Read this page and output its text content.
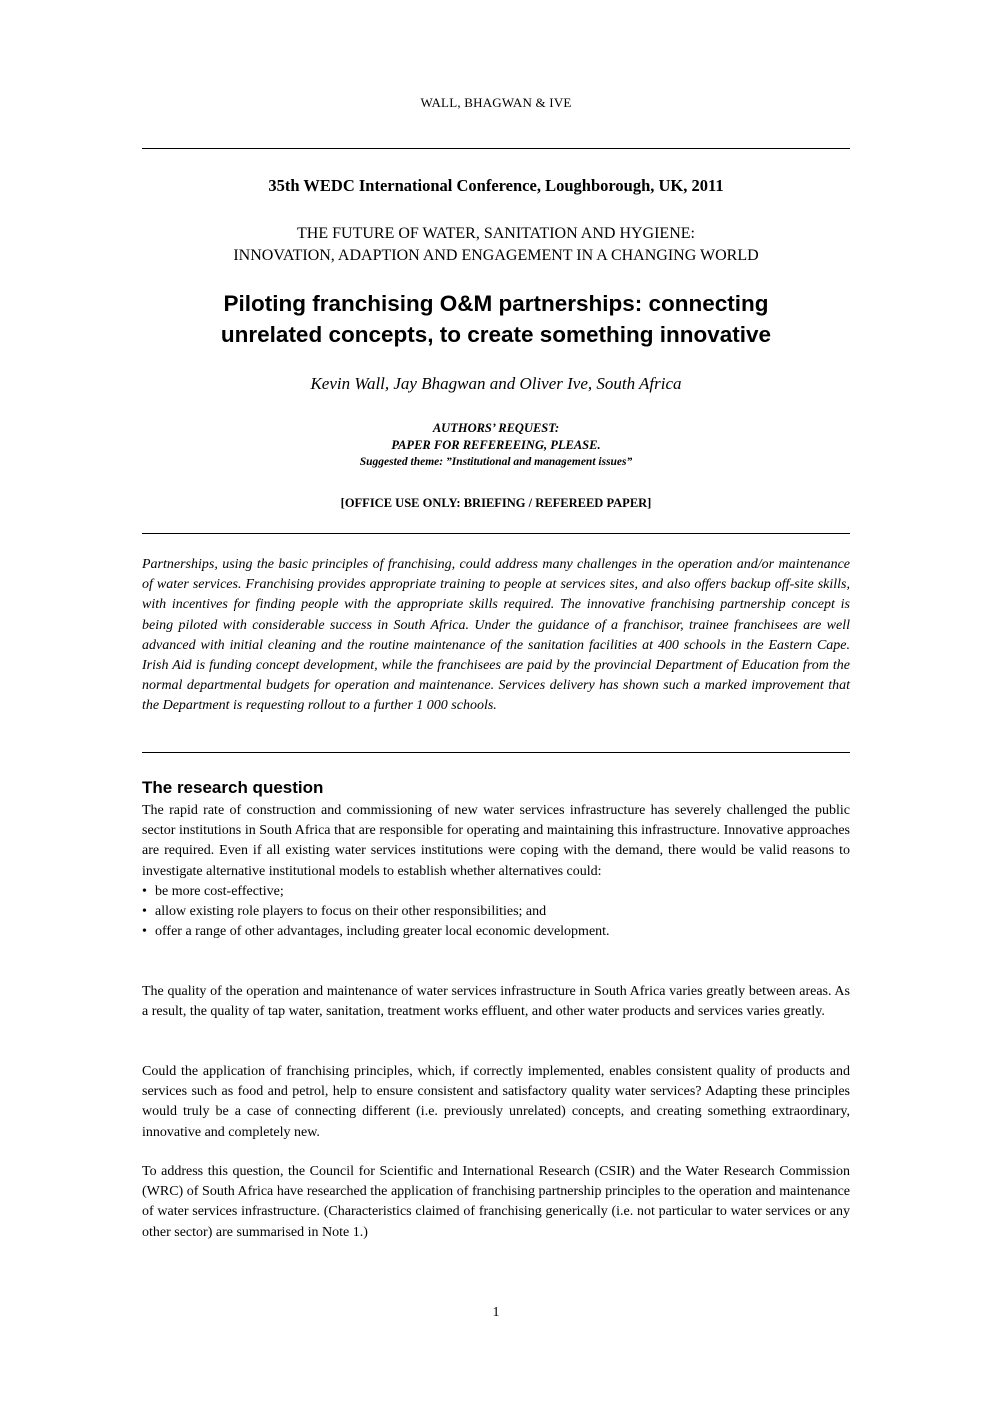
WALL, BHAGWAN & IVE
35th WEDC International Conference, Loughborough, UK, 2011
THE FUTURE OF WATER, SANITATION AND HYGIENE:
INNOVATION, ADAPTION AND ENGAGEMENT IN A CHANGING WORLD
Piloting franchising O&M partnerships: connecting
unrelated concepts, to create something innovative
Kevin Wall, Jay Bhagwan and Oliver Ive, South Africa
AUTHORS’ REQUEST:
PAPER FOR REFEREEING, PLEASE.
Suggested theme: ”Institutional and management issues”
[OFFICE USE ONLY: BRIEFING / REFEREED PAPER]
Partnerships, using the basic principles of franchising, could address many challenges in the operation and/or maintenance of water services. Franchising provides appropriate training to people at services sites, and also offers backup off-site skills, with incentives for finding people with the appropriate skills required. The innovative franchising partnership concept is being piloted with considerable success in South Africa. Under the guidance of a franchisor, trainee franchisees are well advanced with initial cleaning and the routine maintenance of the sanitation facilities at 400 schools in the Eastern Cape. Irish Aid is funding concept development, while the franchisees are paid by the provincial Department of Education from the normal departmental budgets for operation and maintenance. Services delivery has shown such a marked improvement that the Department is requesting rollout to a further 1 000 schools.
The research question

The rapid rate of construction and commissioning of new water services infrastructure has severely challenged the public sector institutions in South Africa that are responsible for operating and maintaining this infrastructure. Innovative approaches are required. Even if all existing water services institutions were coping with the demand, there would be valid reasons to investigate alternative institutional models to establish whether alternatives could:

• be more cost-effective;
• allow existing role players to focus on their other responsibilities; and
• offer a range of other advantages, including greater local economic development.

The quality of the operation and maintenance of water services infrastructure in South Africa varies greatly between areas. As a result, the quality of tap water, sanitation, treatment works effluent, and other water products and services varies greatly.

Could the application of franchising principles, which, if correctly implemented, enables consistent quality of products and services such as food and petrol, help to ensure consistent and satisfactory quality water services? Adapting these principles would truly be a case of connecting different (i.e. previously unrelated) concepts, and creating something extraordinary, innovative and completely new.

To address this question, the Council for Scientific and International Research (CSIR) and the Water Research Commission (WRC) of South Africa have researched the application of franchising partnership principles to the operation and maintenance of water services infrastructure. (Characteristics claimed of franchising generically (i.e. not particular to water services or any other sector) are summarised in Note 1.)

1
